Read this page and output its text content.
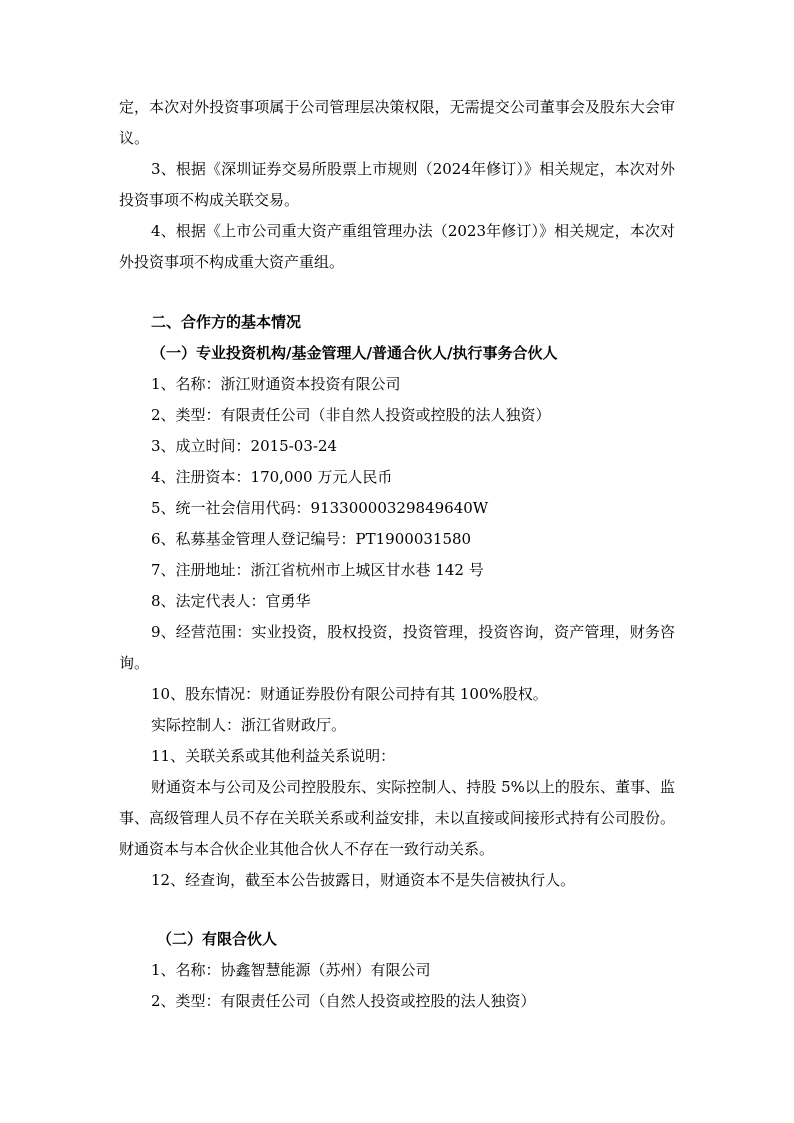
定，本次对外投资事项属于公司管理层决策权限，无需提交公司董事会及股东大会审议。

3、根据《深圳证券交易所股票上市规则（2024年修订）》相关规定，本次对外投资事项不构成关联交易。

4、根据《上市公司重大资产重组管理办法（2023年修订）》相关规定，本次对外投资事项不构成重大资产重组。

二、合作方的基本情况

（一）专业投资机构/基金管理人/普通合伙人/执行事务合伙人

1、名称：浙江财通资本投资有限公司

2、类型：有限责任公司（非自然人投资或控股的法人独资）

3、成立时间：2015-03-24

4、注册资本：170,000 万元人民币

5、统一社会信用代码：91330000329849640W

6、私募基金管理人登记编号：PT1900031580

7、注册地址：浙江省杭州市上城区甘水巷 142 号

8、法定代表人：官勇华

9、经营范围：实业投资，股权投资，投资管理，投资咨询，资产管理，财务咨询。

10、股东情况：财通证券股份有限公司持有其 100%股权。

实际控制人：浙江省财政厅。

11、关联关系或其他利益关系说明：

财通资本与公司及公司控股股东、实际控制人、持股 5%以上的股东、董事、监事、高级管理人员不存在关联关系或利益安排，未以直接或间接形式持有公司股份。财通资本与本合伙企业其他合伙人不存在一致行动关系。

12、经查询，截至本公告披露日，财通资本不是失信被执行人。

（二）有限合伙人

1、名称：协鑫智慧能源（苏州）有限公司

2、类型：有限责任公司（自然人投资或控股的法人独资）
